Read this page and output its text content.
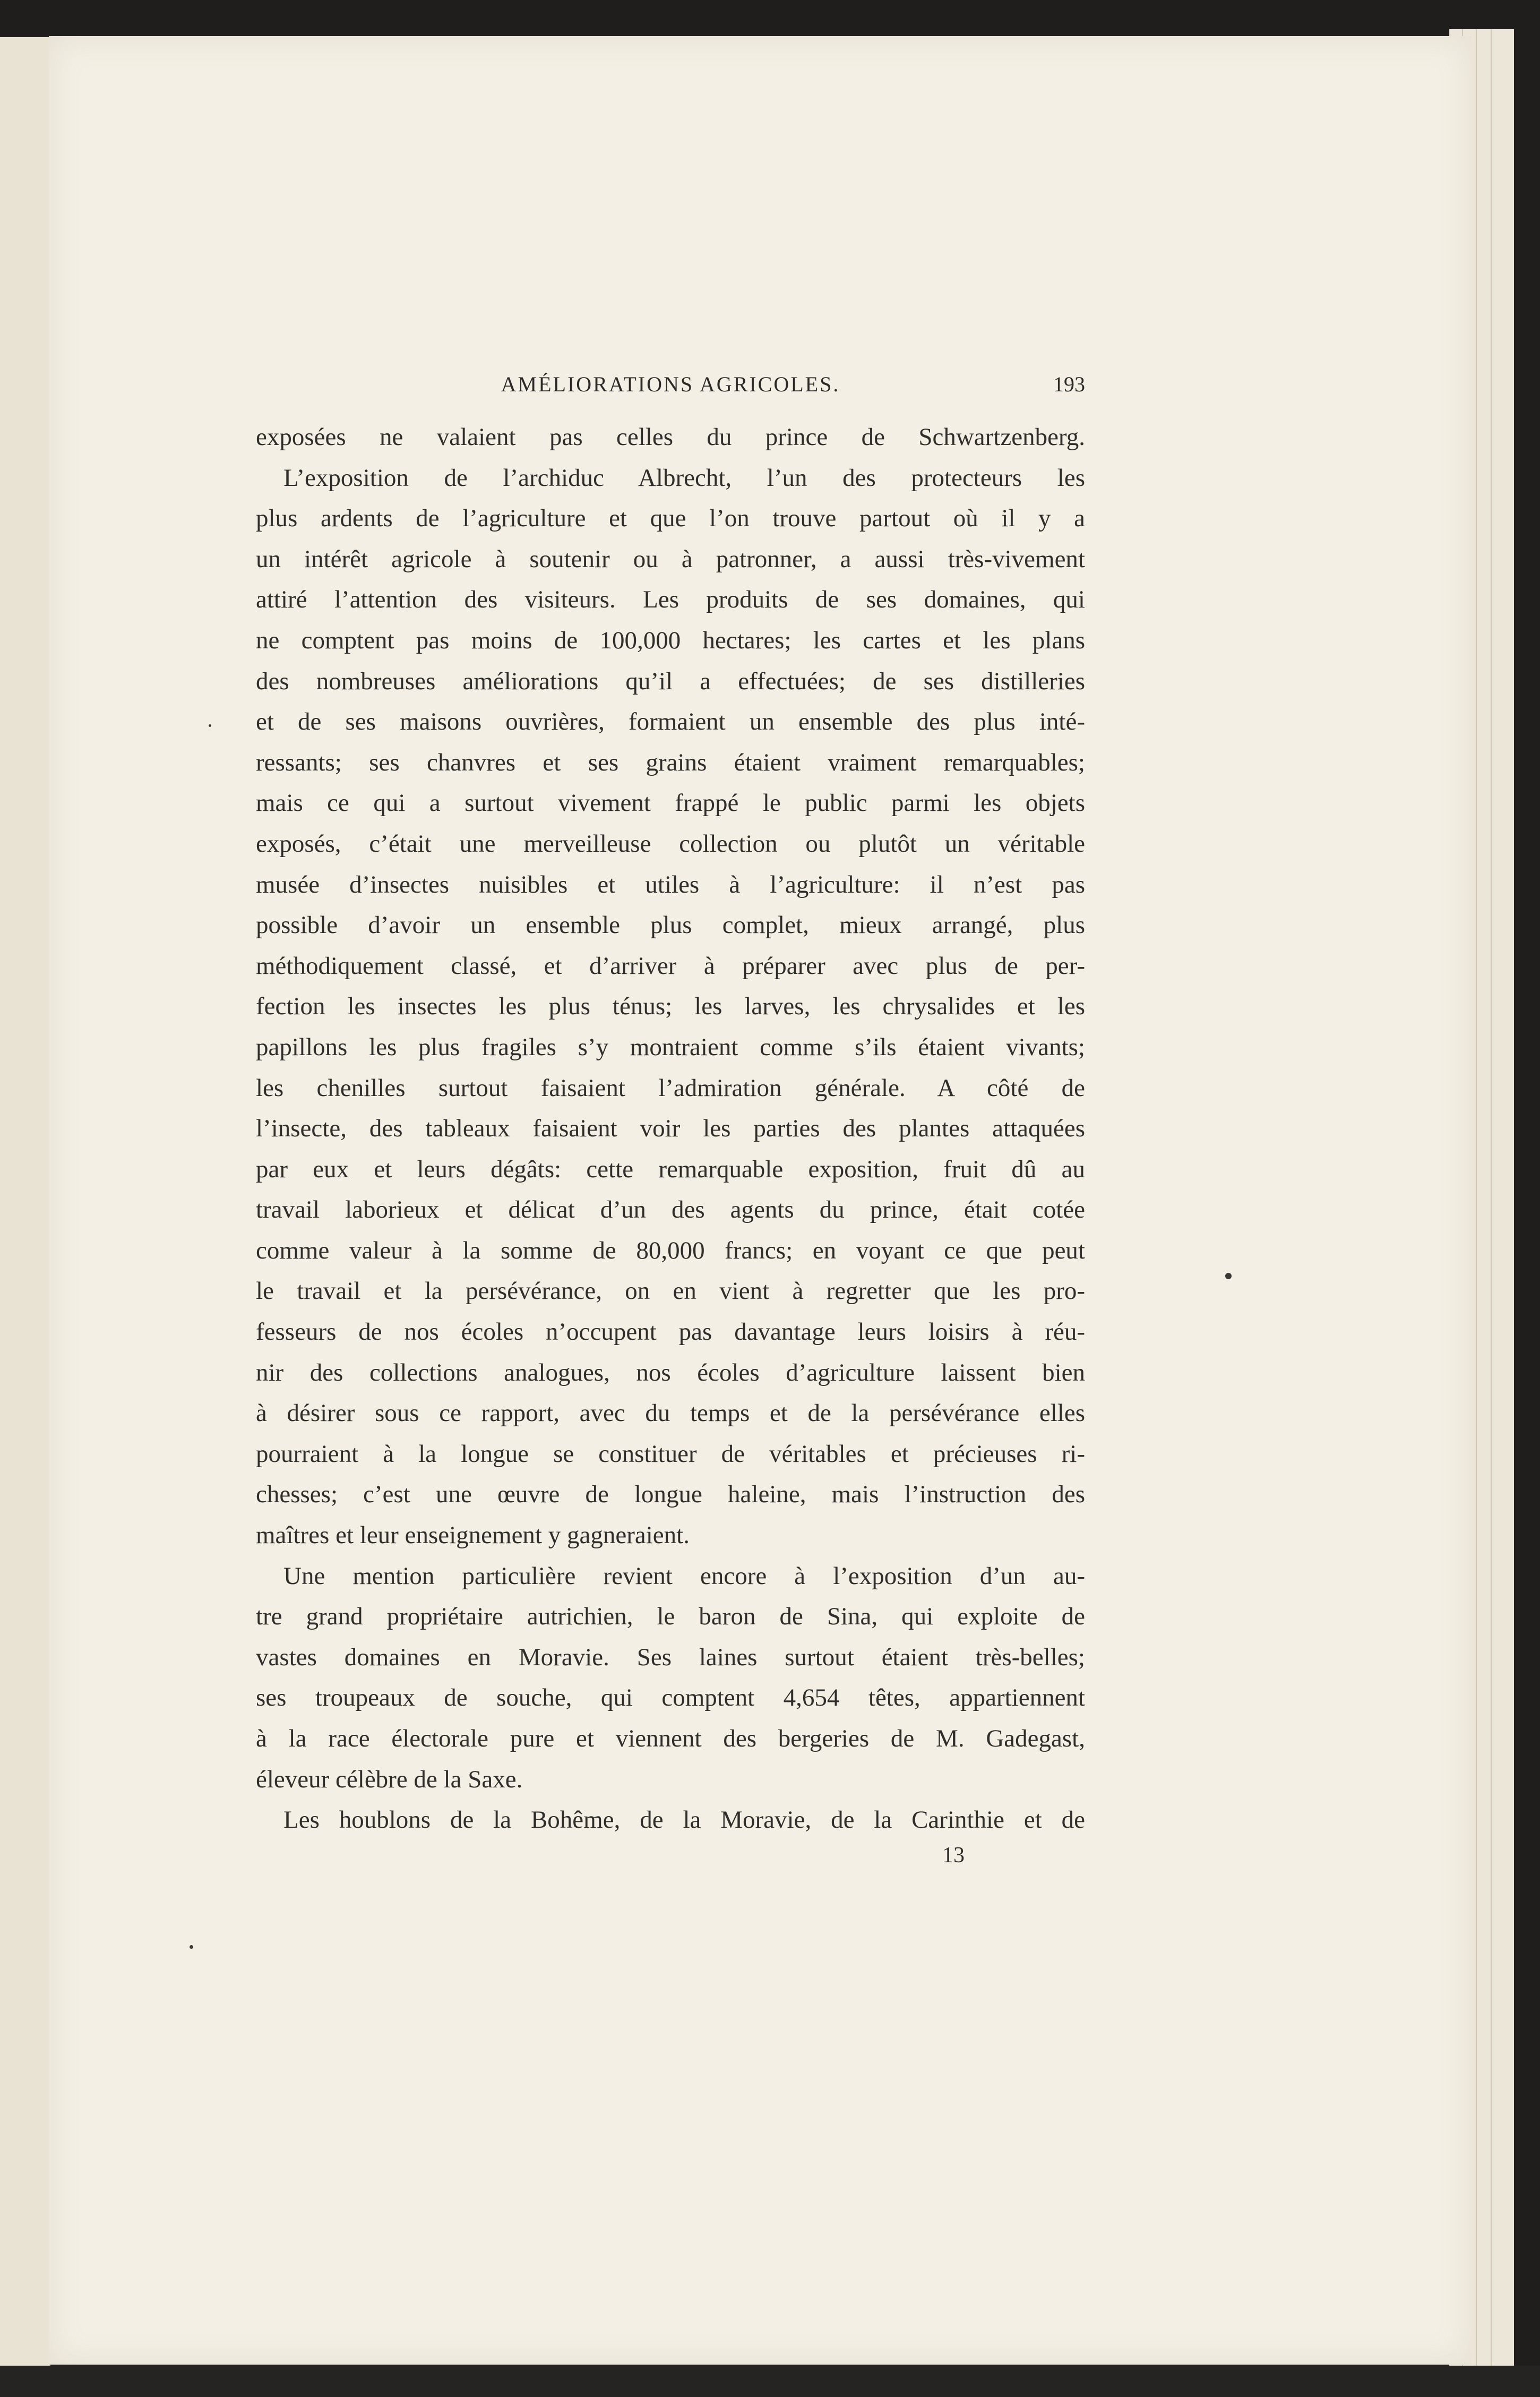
AMÉLIORATIONS AGRICOLES.	193
exposées ne valaient pas celles du prince de Schwartzenberg.
L’exposition de l’archiduc Albrecht, l’un des protecteurs les
plus ardents de l’agriculture et que l’on trouve partout où il y a
un intérêt agricole à soutenir ou à patronner, a aussi très-vivement
attiré l’attention des visiteurs. Les produits de ses domaines, qui
ne comptent pas moins de 100,000 hectares; les cartes et les plans
des nombreuses améliorations qu’il a effectuées; de ses distilleries
et de ses maisons ouvrières, formaient un ensemble des plus inté-
ressants; ses chanvres et ses grains étaient vraiment remarquables;
mais ce qui a surtout vivement frappé le public parmi les objets
exposés, c’était une merveilleuse collection ou plutôt un véritable
musée d’insectes nuisibles et utiles à l’agriculture: il n’est pas
possible d’avoir un ensemble plus complet, mieux arrangé, plus
méthodiquement classé, et d’arriver à préparer avec plus de per-
fection les insectes les plus ténus; les larves, les chrysalides et les
papillons les plus fragiles s’y montraient comme s’ils étaient vivants;
les chenilles surtout faisaient l’admiration générale. A côté de
l’insecte, des tableaux faisaient voir les parties des plantes attaquées
par eux et leurs dégâts: cette remarquable exposition, fruit dû au
travail laborieux et délicat d’un des agents du prince, était cotée
comme valeur à la somme de 80,000 francs; en voyant ce que peut
le travail et la persévérance, on en vient à regretter que les pro-
fesseurs de nos écoles n’occupent pas davantage leurs loisirs à réu-
nir des collections analogues, nos écoles d’agriculture laissent bien
à désirer sous ce rapport, avec du temps et de la persévérance elles
pourraient à la longue se constituer de véritables et précieuses ri-
chesses; c’est une œuvre de longue haleine, mais l’instruction des
maîtres et leur enseignement y gagneraient.
Une mention particulière revient encore à l’exposition d’un au-
tre grand propriétaire autrichien, le baron de Sina, qui exploite de
vastes domaines en Moravie. Ses laines surtout étaient très-belles;
ses troupeaux de souche, qui comptent 4,654 têtes, appartiennent
à la race électorale pure et viennent des bergeries de M. Gadegast,
éleveur célèbre de la Saxe.
Les houblons de la Bohême, de la Moravie, de la Carinthie et de
13
